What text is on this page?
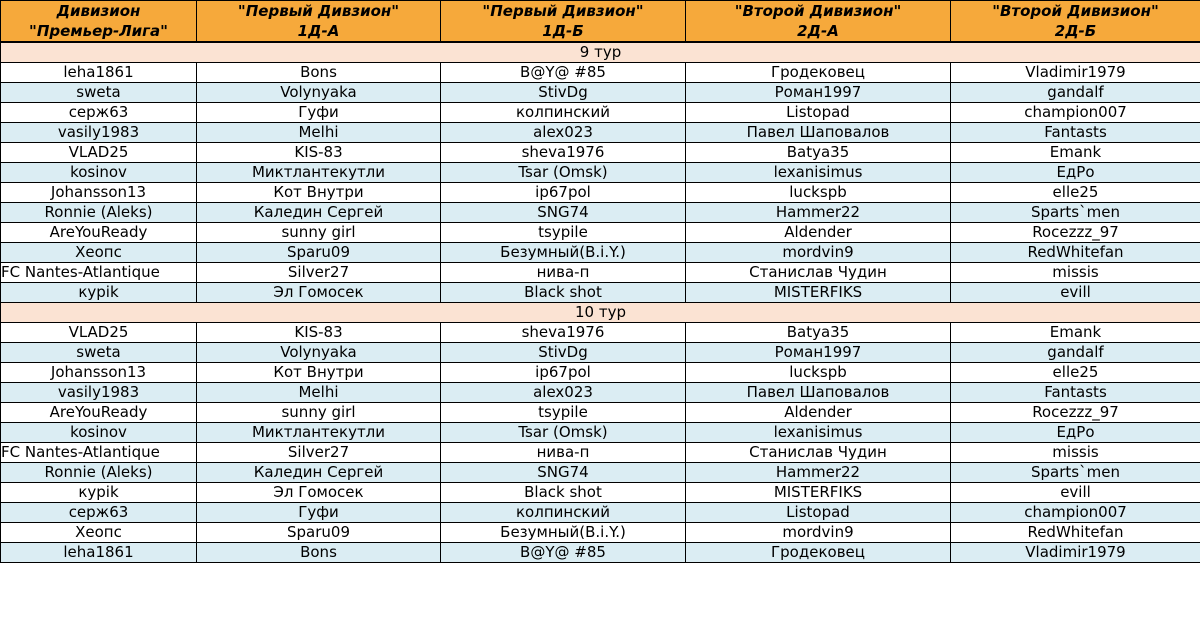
Дивизион	"Первый Дивзион"	"Первый Дивзион"	"Второй Дивизион"	"Второй Дивизион"
"Премьер-Лига"	1Д-А	1Д-Б	2Д-А	2Д-Б
9 тур				
leha1861	Bons	B@Y@ #85	Гродековец	Vladimir1979
sweta	Volynyaka	StivDg	Роман1997	gandalf
серж63	Гуфи	колпинский	Listopad	champion007
vasily1983	Melhi	alex023	Павел Шаповалов	Fantasts
VLAD25	KIS-83	sheva1976	Batya35	Emank
kosinov	Миктлантекутли	Tsar (Omsk)	lexanisimus	ЕдРо
Johansson13	Кот Внутри	ip67pol	luckspb	elle25
Ronnie (Aleks)	Каледин Сергей	SNG74	Hammer22	Sparts`men
AreYouReady	sunny girl	tsypile	Aldender	Rocezzz_97
Хеопс	Sparu09	Безумный(B.i.Y.)	mordvin9	RedWhitefan
FC Nantes-Atlantique	Silver27	нива-п	Станислав Чудин	missis
курik	Эл Гомосек	Black shot	MISTERFIKS	evill
10 тур				
VLAD25	KIS-83	sheva1976	Batya35	Emank
sweta	Volynyaka	StivDg	Роман1997	gandalf
Johansson13	Кот Внутри	ip67pol	luckspb	elle25
vasily1983	Melhi	alex023	Павел Шаповалов	Fantasts
AreYouReady	sunny girl	tsypile	Aldender	Rocezzz_97
kosinov	Миктлантекутли	Tsar (Omsk)	lexanisimus	ЕдРо
FC Nantes-Atlantique	Silver27	нива-п	Станислав Чудин	missis
Ronnie (Aleks)	Каледин Сергей	SNG74	Hammer22	Sparts`men
курik	Эл Гомосек	Black shot	MISTERFIKS	evill
серж63	Гуфи	колпинский	Listopad	champion007
Хеопс	Sparu09	Безумный(B.i.Y.)	mordvin9	RedWhitefan
leha1861	Bons	B@Y@ #85	Гродековец	Vladimir1979
